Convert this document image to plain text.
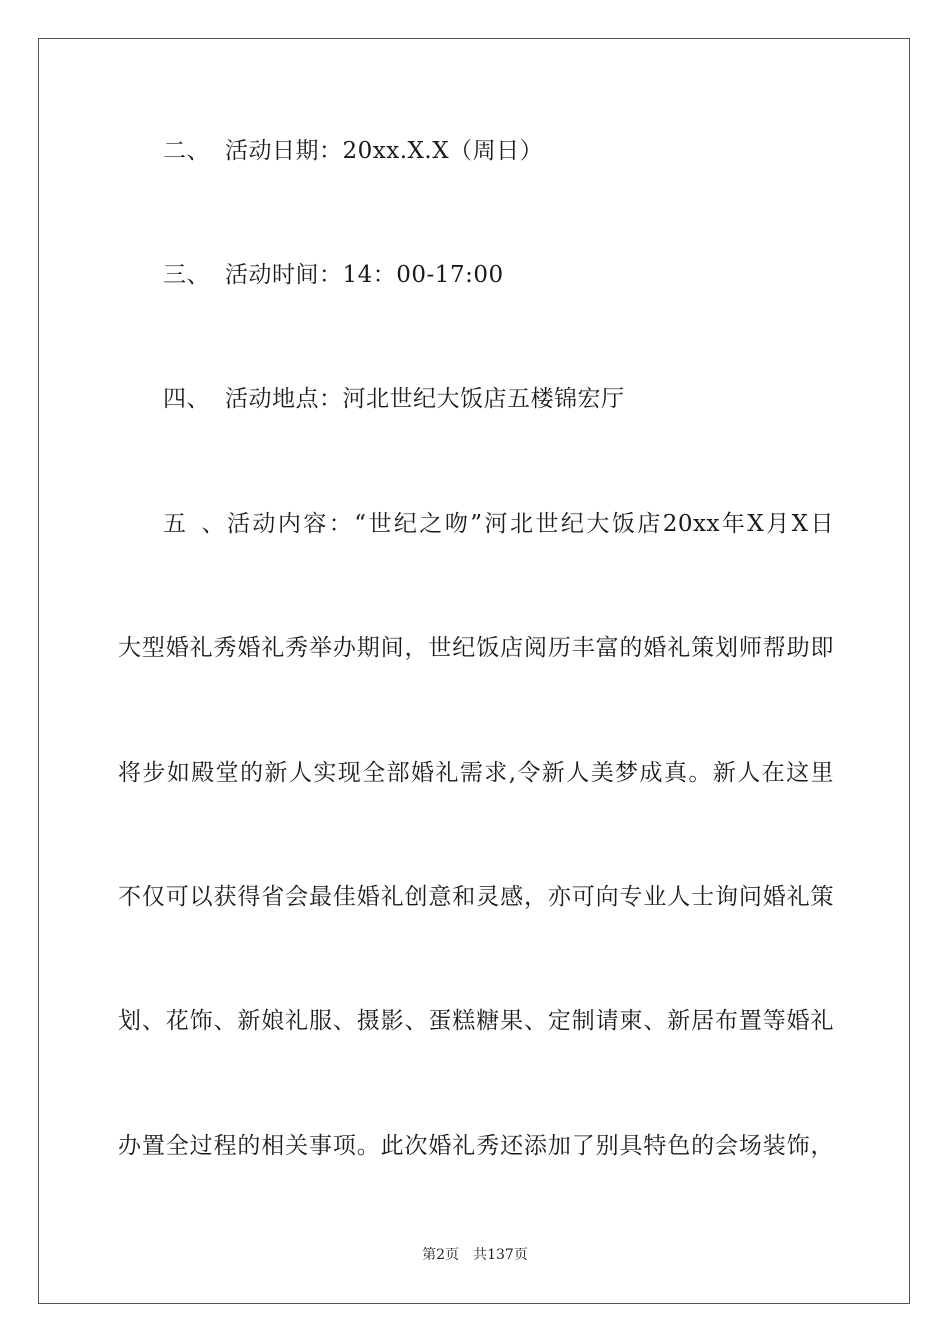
二、 活动日期：20xx.X.X（周日）
三、 活动时间：14：00-17:00
四、 活动地点：河北世纪大饭店五楼锦宏厅
五、活动内容：“世纪之吻”河北世纪大饭店20xx年X月X日
大型婚礼秀婚礼秀举办期间，世纪饭店阅历丰富的婚礼策划师帮助即
将步如殿堂的新人实现全部婚礼需求,令新人美梦成真。新人在这里
不仅可以获得省会最佳婚礼创意和灵感，亦可向专业人士询问婚礼策
划、花饰、新娘礼服、摄影、蛋糕糖果、定制请柬、新居布置等婚礼
办置全过程的相关事项。此次婚礼秀还添加了别具特色的会场装饰，
第2页 共137页
